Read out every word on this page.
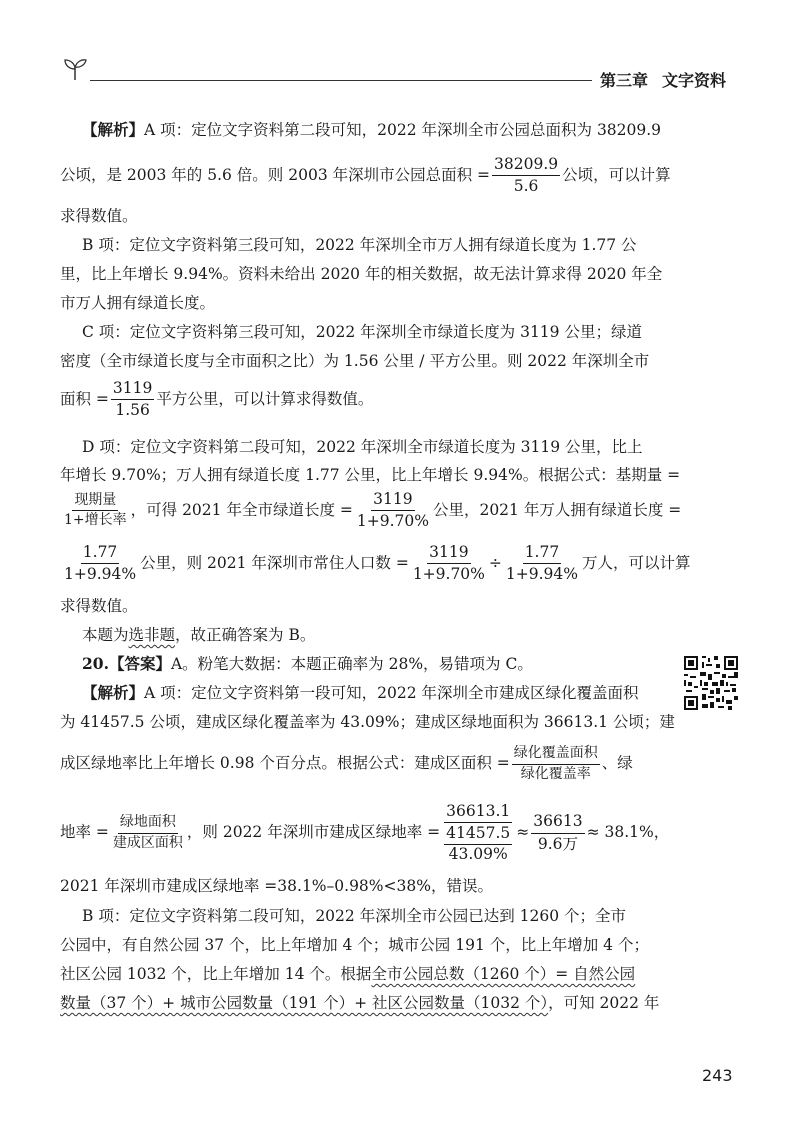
第三章 文字资料
【解析】A 项：定位文字资料第二段可知，2022 年深圳全市公园总面积为 38209.9
公顷，是 2003 年的 5.6 倍。则 2003 年深圳市公园总面积 = $\frac{38209.9}{5.6}$ 公顷，可以计算
求得数值。
B 项：定位文字资料第三段可知，2022 年深圳全市万人拥有绿道长度为 1.77 公
里，比上年增长 9.94%。资料未给出 2020 年的相关数据，故无法计算求得 2020 年全
市万人拥有绿道长度。
C 项：定位文字资料第三段可知，2022 年深圳全市绿道长度为 3119 公里；绿道
密度（全市绿道长度与全市面积之比）为 1.56 公里 / 平方公里。则 2022 年深圳全市
面积 = $\frac{3119}{1.56}$ 平方公里，可以计算求得数值。
D 项：定位文字资料第二段可知，2022 年深圳全市绿道长度为 3119 公里，比上
年增长 9.70%；万人拥有绿道长度 1.77 公里，比上年增长 9.94%。根据公式：基期量 =
$\frac{\text{现期量}}{\text{1+增长率}}$ ，可得 2021 年全市绿道长度 = $\frac{3119}{1+9.70\%}$ 公里，2021 年万人拥有绿道长度 =
$\frac{1.77}{1+9.94\%}$ 公里，则 2021 年深圳市常住人口数 = $\frac{3119}{1+9.70\%} \div \frac{1.77}{1+9.94\%}$ 万人，可以计算
求得数值。
本题为选非题，故正确答案为 B。
20.【答案】A。粉笔大数据：本题正确率为 28%，易错项为 C。
【解析】A 项：定位文字资料第一段可知，2022 年深圳全市建成区绿化覆盖面积
为 41457.5 公顷，建成区绿化覆盖率为 43.09%；建成区绿地面积为 36613.1 公顷；建
成区绿地率比上年增长 0.98 个百分点。根据公式：建成区面积 = $\frac{\text{绿化覆盖面积}}{\text{绿化覆盖率}}$ 、绿
地率 = $\frac{\text{绿地面积}}{\text{建成区面积}}$ ，则 2022 年深圳市建成区绿地率 = $\frac{36613.1}{\frac{41457.5}{43.09\%}} \approx \frac{36613}{\text{9.6万}} \approx 38.1\%$，
2021 年深圳市建成区绿地率 =38.1%–0.98%<38%，错误。
B 项：定位文字资料第二段可知，2022 年深圳全市公园已达到 1260 个；全市
公园中，有自然公园 37 个，比上年增加 4 个；城市公园 191 个，比上年增加 4 个；
社区公园 1032 个，比上年增加 14 个。根据全市公园总数（1260 个）= 自然公园
数量（37 个）+ 城市公园数量（191 个）+ 社区公园数量（1032 个），可知 2022 年
243
